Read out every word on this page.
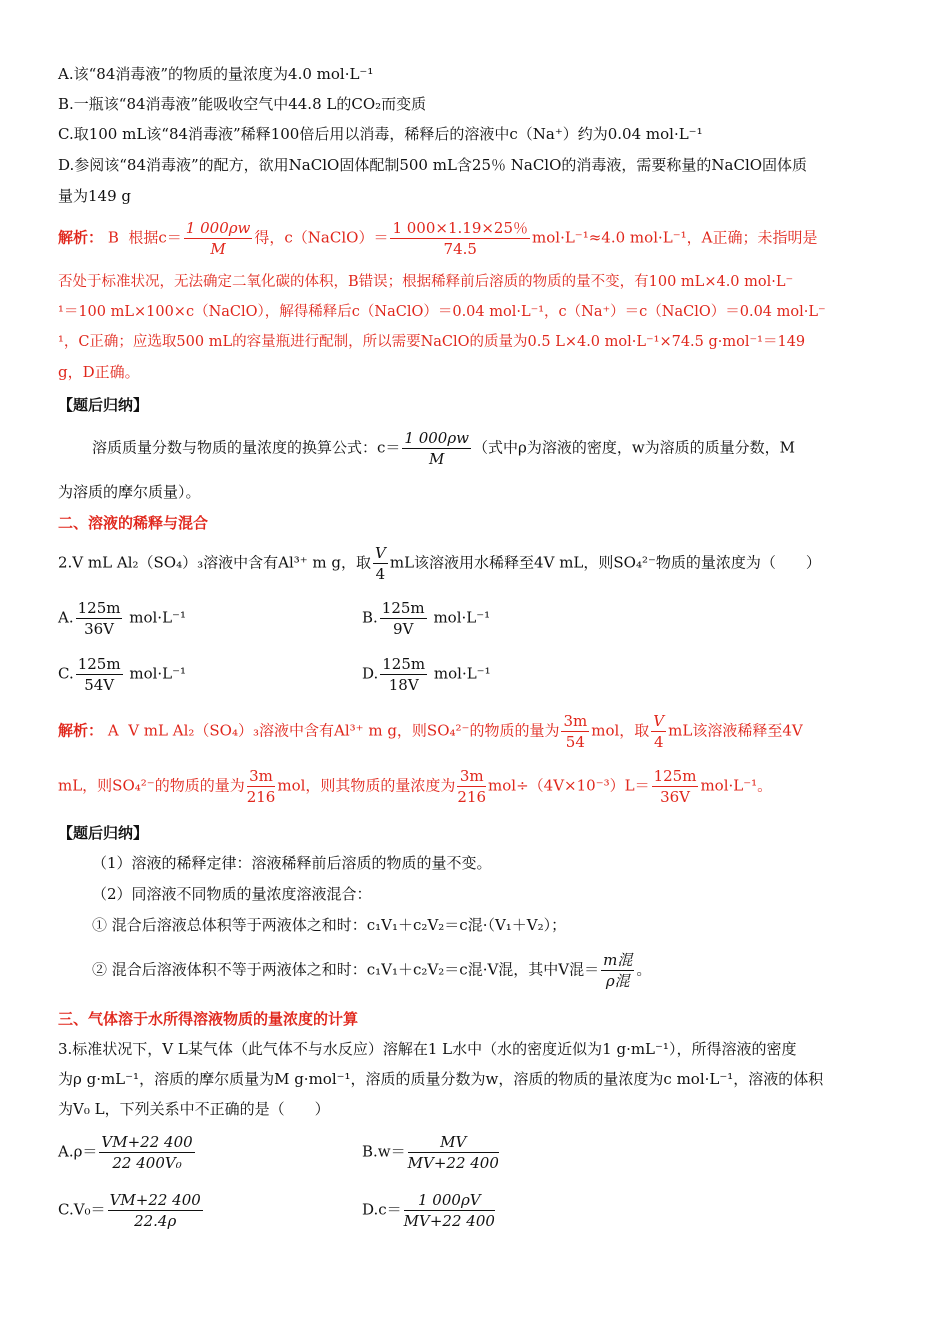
A.该“84消毒液”的物质的量浓度为4.0 mol·L⁻¹
B.一瓶该“84消毒液”能吸收空气中44.8 L的CO₂而变质
C.取100 mL该“84消毒液”稀释100倍后用以消毒，稀释后的溶液中c（Na⁺）约为0.04 mol·L⁻¹
D.参阅该“84消毒液”的配方，欲用NaClO固体配制500 mL含25％ NaClO的消毒液，需要称量的NaClO固体质
量为149 g
解析： B 根据$c= \frac{1 000\rho w}{M}$ 得，c（NaClO）＝ $\frac{1 000\times 1.19\times 25\%}{74.5} mol\cdot L^{-1}\approx 4.0$ mol·L⁻¹，A正确；未指明是
否处于标准状况，无法确定二氧化碳的体积，B错误；根据稀释前后溶质的物质的量不变，有100 mL×4.0 mol·L⁻
¹＝100 mL×100×c（NaClO），解得稀释后c（NaClO）＝0.04 mol·L⁻¹，c（Na⁺）＝c（NaClO）＝0.04 mol·L⁻
¹，C正确；应选取500 mL的容量瓶进行配制，所以需要NaClO的质量为0.5 L×4.0 mol·L⁻¹×74.5 g·mol⁻¹＝149
g，D正确。
【题后归纳】
溶质质量分数与物质的量浓度的换算公式：$c= \frac{1 000\rho w}{M}$ （式中ρ为溶液的密度，w为溶质的质量分数，M
为溶质的摩尔质量）。
二、溶液的稀释与混合
2.V mL Al₂（SO₄）₃溶液中含有Al³⁺ m g，取 $\frac{V}{4}$ mL该溶液用水稀释至4V mL，则SO₄²⁻物质的量浓度为（　　）
A. $\frac{125m}{36V} mol\cdot L^{-1}$	B. $\frac{125m}{9V} mol\cdot L^{-1}$
C. $\frac{125m}{54V} mol\cdot L^{-1}$	D. $\frac{125m}{18V} mol\cdot L^{-1}$
解析： A V mL Al₂（SO₄）₃溶液中含有Al³⁺ m g，则SO₄²⁻的物质的量为 $\frac{3m}{54}$ mol，取 $\frac{V}{4}$ mL该溶液稀释至4V
mL，则SO₄²⁻的物质的量为 $\frac{3m}{216}$ mol，则其物质的量浓度为 $\frac{3m}{216} mol\div(4V\times 10^{-3})L= \frac{125m}{36V} mol\cdot L^{-1}$。
【题后归纳】
（1）溶液的稀释定律：溶液稀释前后溶质的物质的量不变。
（2）同溶液不同物质的量浓度溶液混合：
① 混合后溶液总体积等于两液体之和时：c₁V₁＋c₂V₂＝c混·（V₁＋V₂）；
② 混合后溶液体积不等于两液体之和时：c₁V₁＋c₂V₂＝c混·V混，其中V混＝ $\frac{\text{m混}}{\text{ρ混}}$ 。
三、气体溶于水所得溶液物质的量浓度的计算
3.标准状况下，V L某气体（此气体不与水反应）溶解在1 L水中（水的密度近似为1 g·mL⁻¹），所得溶液的密度
为ρ g·mL⁻¹，溶质的摩尔质量为M g·mol⁻¹，溶质的质量分数为w，溶质的物质的量浓度为c mol·L⁻¹，溶液的体积
为V₀ L，下列关系中不正确的是（　　）
$A.\rho= \frac{VM+22 400}{\text{22 400V₀}}$	$B.w= \frac{MV}{MV+22 400}$
$C.V_0= \frac{VM+22 400}{22.4\rho}$	$D.c= \frac{1 000\rho V}{MV+22 400}$
